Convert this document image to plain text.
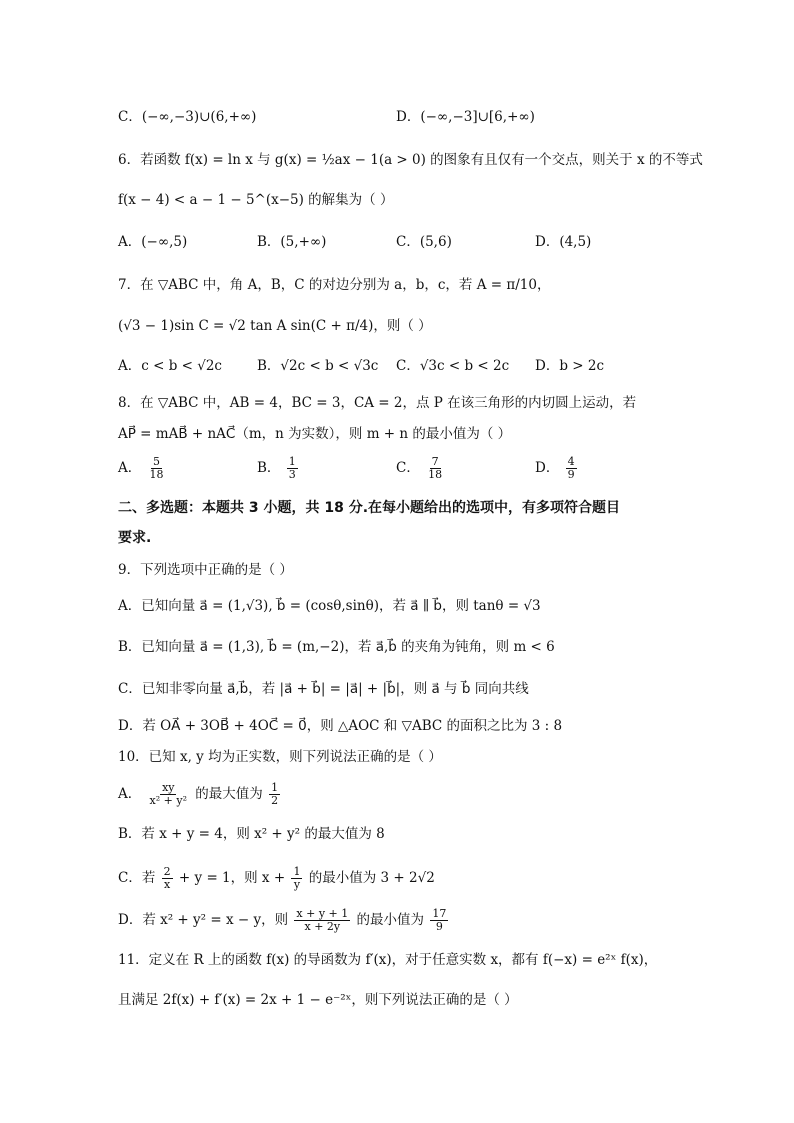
C．(−∞,−3)∪(6,+∞)	D．(−∞,−3]∪[6,+∞)
6．若函数 f(x) = ln x 与 g(x) = ½ax − 1(a > 0) 的图象有且仅有一个交点，则关于 x 的不等式
f(x − 4) < a − 1 − 5^(x−5) 的解集为（ ）
A．(−∞,5)	B．(5,+∞)	C．(5,6)	D．(4,5)
7．在 ▽ABC 中，角 A，B，C 的对边分别为 a，b，c，若 A = π/10，
(√3 − 1)sin C = √2 tan A sin(C + π/4)，则（ ）
A．c < b < √2c	B．√2c < b < √3c C．√3c < b < 2c D．b > 2c
8．在 ▽ABC 中，AB = 4，BC = 3，CA = 2，点 P 在该三角形的内切圆上运动，若
AP⃗ = mAB⃗ + nAC⃗（m，n 为实数），则 m + n 的最小值为（ ）
A． $\frac{5}{18}$	B． $\frac{1}{3}$	C． $\frac{7}{18}$	D． $\frac{4}{9}$
二、多选题：本题共 3 小题，共 18 分.在每小题给出的选项中，有多项符合题目
要求.
9．下列选项中正确的是（ ）
A．已知向量 a⃗ = (1,√3), b⃗ = (cosθ,sinθ)，若 a⃗ ∥ b⃗，则 tanθ = √3
B．已知向量 a⃗ = (1,3), b⃗ = (m,−2)，若 a⃗,b⃗ 的夹角为钝角，则 m < 6
C．已知非零向量 a⃗,b⃗，若 |a⃗ + b⃗| = |a⃗| + |b⃗|，则 a⃗ 与 b⃗ 同向共线
D．若 OA⃗ + 3OB⃗ + 4OC⃗ = 0⃗，则 △AOC 和 ▽ABC 的面积之比为 3 : 8
10．已知 x, y 均为正实数，则下列说法正确的是（ ）
A． $\frac{xy}{\text{x² + y²}}$ 的最大值为 $\frac{1}{2}$
B．若 x + y = 4，则 x² + y² 的最大值为 8
C．若 $\frac{2}{x} + y = 1$，则 $x + \frac{1}{y}$ 的最小值为 3 + 2√2
D．若 x² + y² = x − y，则 $\frac{x + y + 1}{x + 2y}$ 的最小值为 $\frac{17}{9}$
11．定义在 R 上的函数 f(x) 的导函数为 f′(x)，对于任意实数 x，都有 f(−x) = e²ˣ f(x)，
且满足 2f(x) + f′(x) = 2x + 1 − e⁻²ˣ，则下列说法正确的是（ ）
